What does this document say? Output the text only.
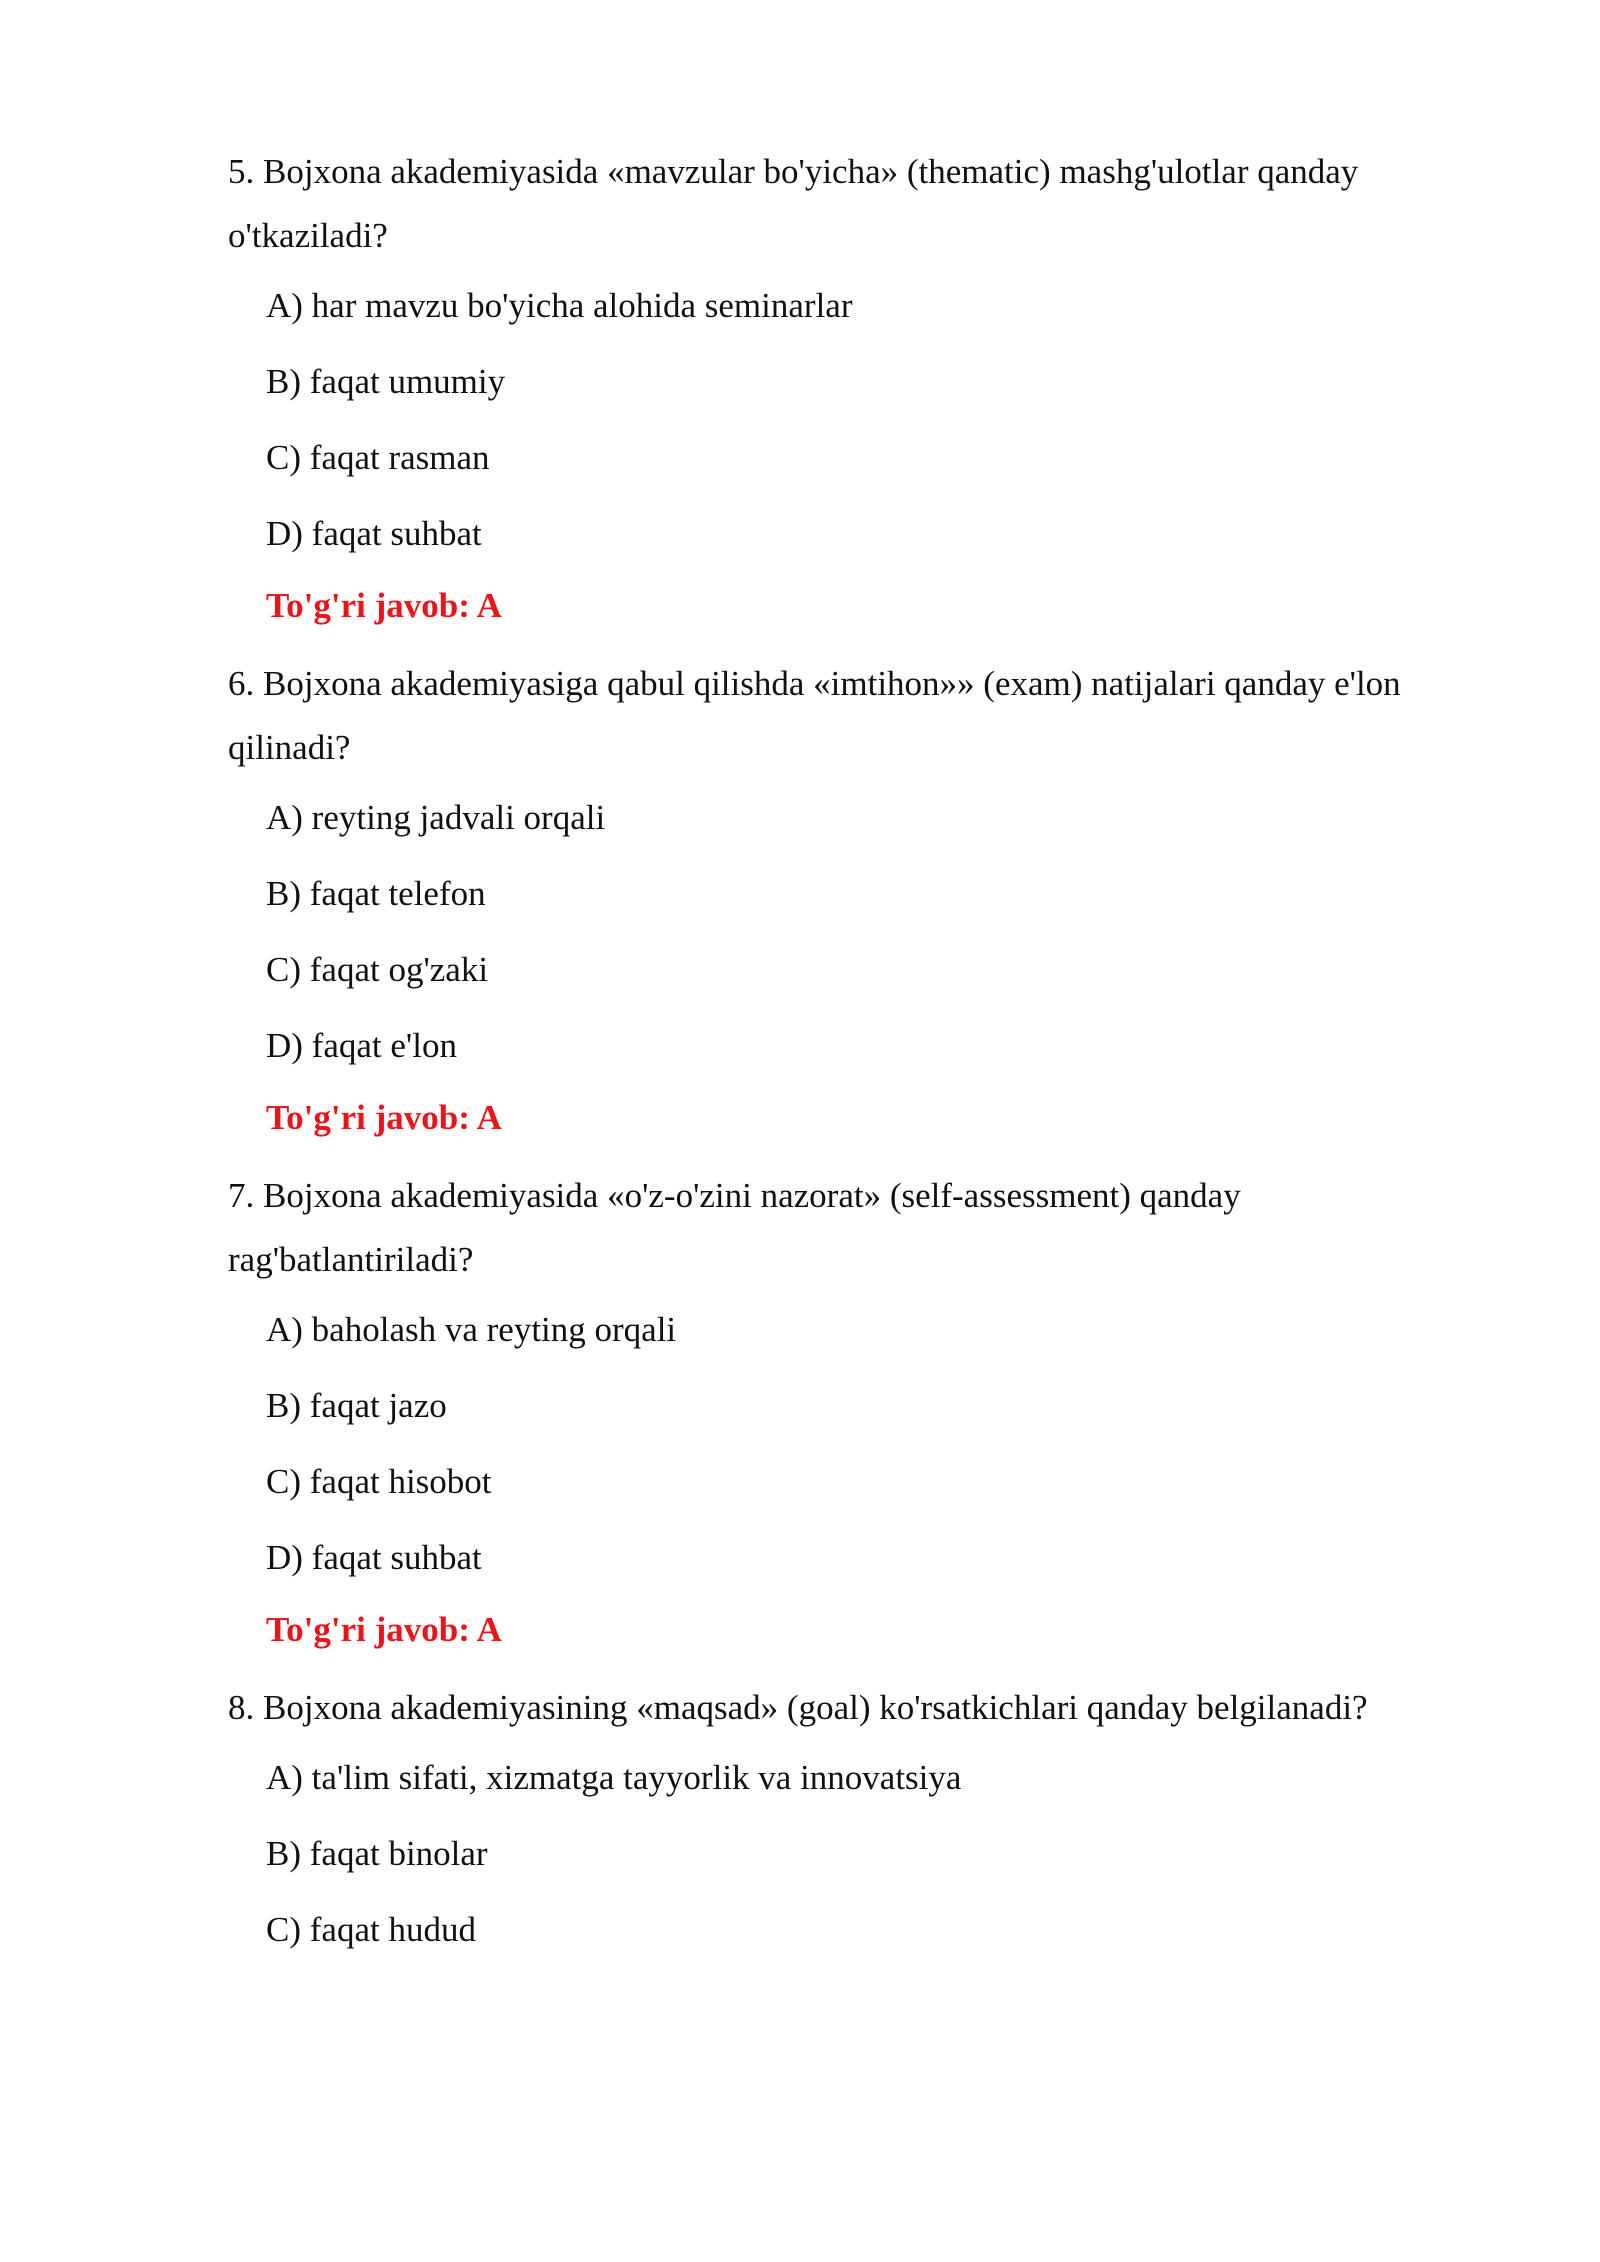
5. Bojxona akademiyasida «mavzular bo'yicha» (thematic) mashg'ulotlar qanday o'tkaziladi?

A) har mavzu bo'yicha alohida seminarlar
B) faqat umumiy
C) faqat rasman
D) faqat suhbat
To'g'ri javob: A

6. Bojxona akademiyasiga qabul qilishda «imtihon»» (exam) natijalari qanday e'lon qilinadi?

A) reyting jadvali orqali
B) faqat telefon
C) faqat og'zaki
D) faqat e'lon
To'g'ri javob: A

7. Bojxona akademiyasida «o'z-o'zini nazorat» (self-assessment) qanday rag'batlantiriladi?

A) baholash va reyting orqali
B) faqat jazo
C) faqat hisobot
D) faqat suhbat
To'g'ri javob: A

8. Bojxona akademiyasining «maqsad» (goal) ko'rsatkichlari qanday belgilanadi?

A) ta'lim sifati, xizmatga tayyorlik va innovatsiya
B) faqat binolar
C) faqat hudud
